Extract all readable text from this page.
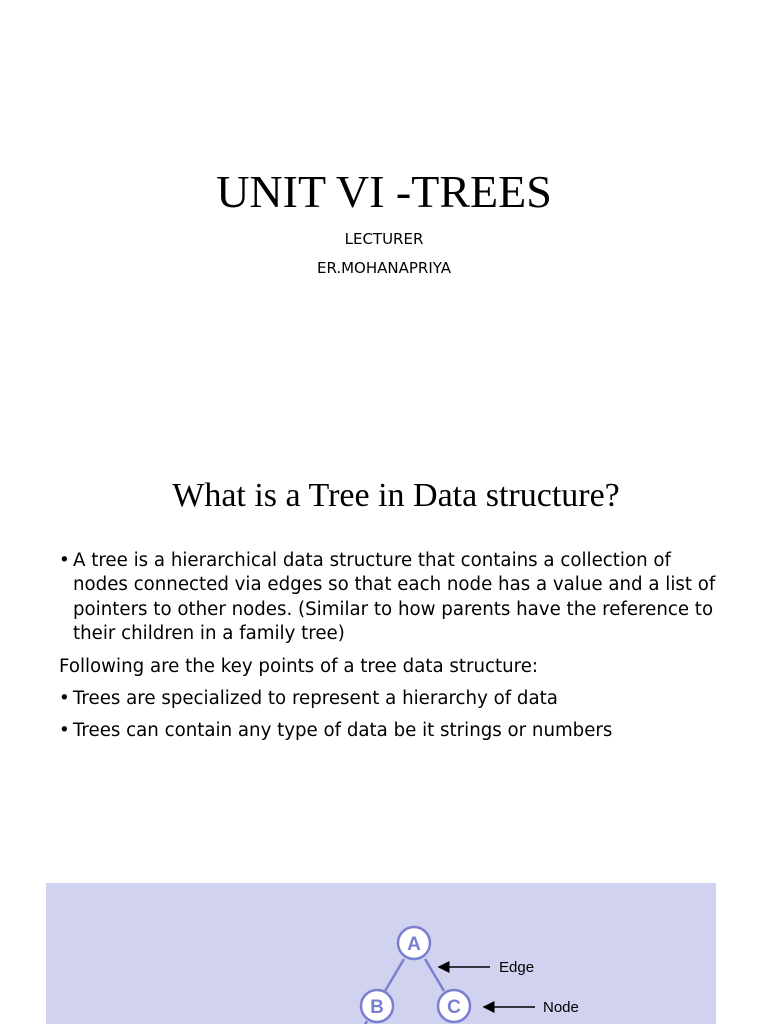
UNIT VI -TREES
LECTURER
ER.MOHANAPRIYA
What is a Tree in Data structure?
• A tree is a hierarchical data structure that contains a collection of nodes connected via edges so that each node has a value and a list of pointers to other nodes. (Similar to how parents have the reference to their children in a family tree)
Following are the key points of a tree data structure:
• Trees are specialized to represent a hierarchy of data
• Trees can contain any type of data be it strings or numbers
A
B	C
Edge
Node
